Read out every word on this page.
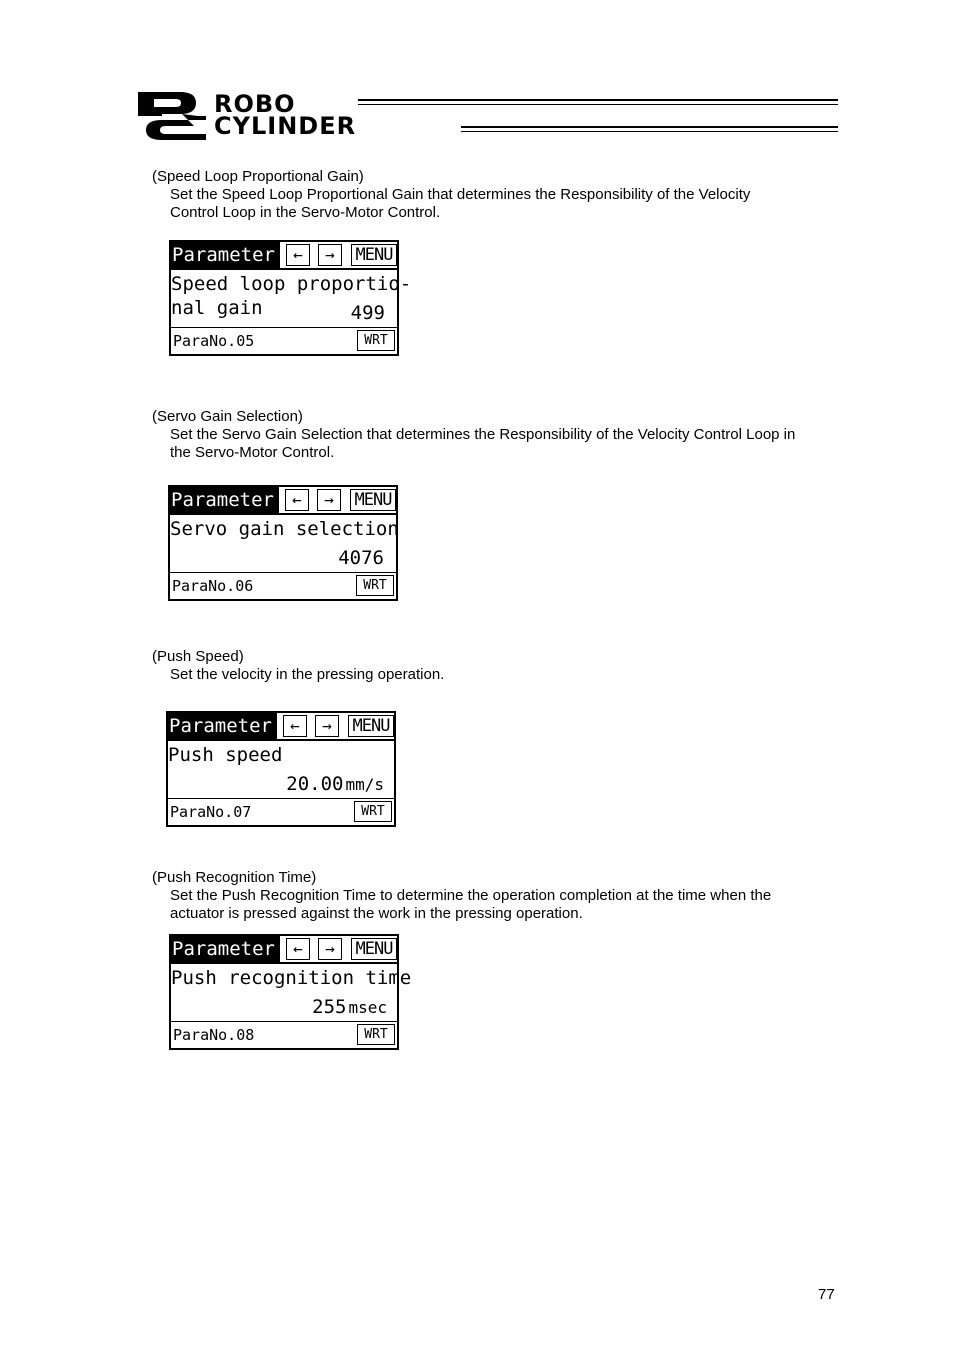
ROBO
CYLINDER

(Speed Loop Proportional Gain)

Set the Speed Loop Proportional Gain that determines the Responsibility of the Velocity

Control Loop in the Servo-Motor Control.

Parameter	←	→	MENU
Speed loop proportio-
nal gain	499
ParaNo.05	WRT

(Servo Gain Selection)

Set the Servo Gain Selection that determines the Responsibility of the Velocity Control Loop in

the Servo-Motor Control.

Parameter	←	→	MENU
Servo gain selection
4076
ParaNo.06	WRT

(Push Speed)

Set the velocity in the pressing operation.

Parameter	←	→	MENU
Push speed
20.00 mm/s
ParaNo.07	WRT

(Push Recognition Time)

Set the Push Recognition Time to determine the operation completion at the time when the

actuator is pressed against the work in the pressing operation.

Parameter	←	→	MENU
Push recognition time
255 msec
ParaNo.08	WRT
77
